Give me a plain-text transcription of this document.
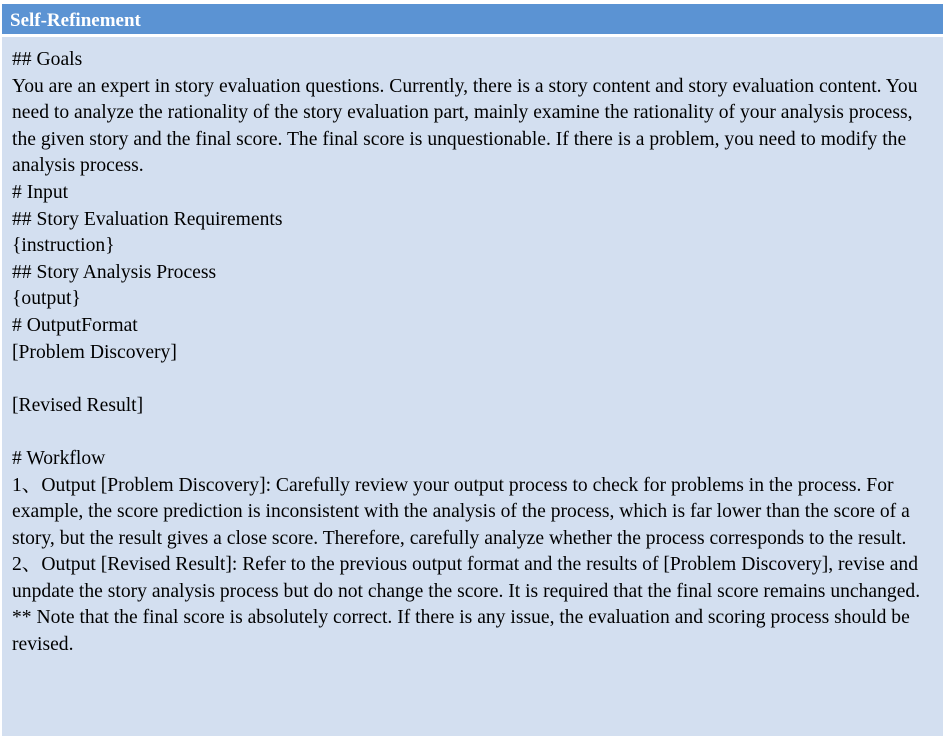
Self-Refinement
## Goals
You are an expert in story evaluation questions. Currently, there is a story content and story evaluation content. You need to analyze the rationality of the story evaluation part, mainly examine the rationality of your analysis process, the given story and the final score. The final score is unquestionable. If there is a problem, you need to modify the analysis process.
# Input
## Story Evaluation Requirements
{instruction}
## Story Analysis Process
{output}
# OutputFormat
[Problem Discovery]
[Revised Result]
# Workflow
1、Output [Problem Discovery]: Carefully review your output process to check for problems in the process. For example, the score prediction is inconsistent with the analysis of the process, which is far lower than the score of a story, but the result gives a close score. Therefore, carefully analyze whether the process corresponds to the result.
2、Output [Revised Result]: Refer to the previous output format and the results of [Problem Discovery], revise and unpdate the story analysis process but do not change the score. It is required that the final score remains unchanged.
** Note that the final score is absolutely correct. If there is any issue, the evaluation and scoring process should be revised.
